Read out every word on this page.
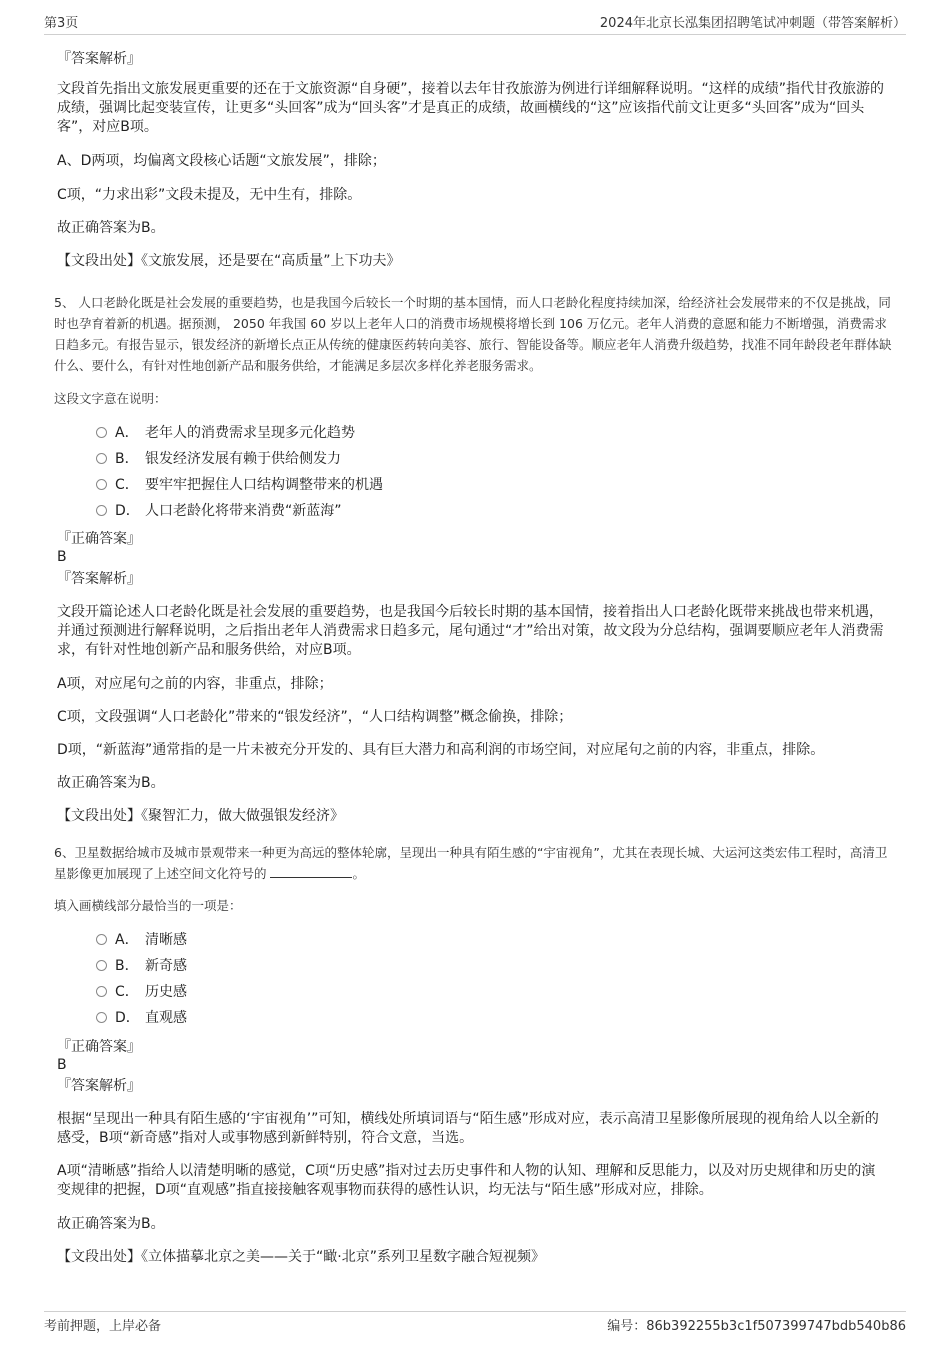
第3页	2024年北京长泓集团招聘笔试冲刺题（带答案解析）
『答案解析』
文段首先指出文旅发展更重要的还在于文旅资源“自身硬”，接着以去年甘孜旅游为例进行详细解释说明。“这样的成绩”指代甘孜旅游的成绩，强调比起变装宣传，让更多“头回客”成为“回头客”才是真正的成绩，故画横线的“这”应该指代前文让更多“头回客”成为“回头客”，对应B项。
A、D两项，均偏离文段核心话题“文旅发展”，排除；
C项，“力求出彩”文段未提及，无中生有，排除。
故正确答案为B。
【文段出处】《文旅发展，还是要在“高质量”上下功夫》
5、 人口老龄化既是社会发展的重要趋势，也是我国今后较长一个时期的基本国情，而人口老龄化程度持续加深，给经济社会发展带来的不仅是挑战，同时也孕育着新的机遇。据预测， 2050 年我国 60 岁以上老年人口的消费市场规模将增长到 106 万亿元。老年人消费的意愿和能力不断增强，消费需求日趋多元。有报告显示，银发经济的新增长点正从传统的健康医药转向美容、旅行、智能设备等。顺应老年人消费升级趋势，找准不同年龄段老年群体缺什么、要什么，有针对性地创新产品和服务供给，才能满足多层次多样化养老服务需求。
这段文字意在说明：
A． 老年人的消费需求呈现多元化趋势
B． 银发经济发展有赖于供给侧发力
C． 要牢牢把握住人口结构调整带来的机遇
D． 人口老龄化将带来消费“新蓝海”
『正确答案』
B
『答案解析』
文段开篇论述人口老龄化既是社会发展的重要趋势，也是我国今后较长时期的基本国情，接着指出人口老龄化既带来挑战也带来机遇，并通过预测进行解释说明，之后指出老年人消费需求日趋多元，尾句通过“才”给出对策，故文段为分总结构，强调要顺应老年人消费需求，有针对性地创新产品和服务供给，对应B项。
A项，对应尾句之前的内容，非重点，排除；
C项，文段强调“人口老龄化”带来的“银发经济”，“人口结构调整”概念偷换，排除；
D项，“新蓝海”通常指的是一片未被充分开发的、具有巨大潜力和高利润的市场空间，对应尾句之前的内容，非重点，排除。
故正确答案为B。
【文段出处】《聚智汇力，做大做强银发经济》
6、卫星数据给城市及城市景观带来一种更为高远的整体轮廓，呈现出一种具有陌生感的“宇宙视角”，尤其在表现长城、大运河这类宏伟工程时，高清卫星影像更加展现了上述空间文化符号的	。
填入画横线部分最恰当的一项是：
A． 清晰感
B． 新奇感
C． 历史感
D． 直观感
『正确答案』
B
『答案解析』
根据“呈现出一种具有陌生感的‘宇宙视角’”可知，横线处所填词语与“陌生感”形成对应，表示高清卫星影像所展现的视角给人以全新的感受，B项“新奇感”指对人或事物感到新鲜特别，符合文意，当选。
A项“清晰感”指给人以清楚明晰的感觉，C项“历史感”指对过去历史事件和人物的认知、理解和反思能力，以及对历史规律和历史的演变规律的把握，D项“直观感”指直接接触客观事物而获得的感性认识，均无法与“陌生感”形成对应，排除。
故正确答案为B。
【文段出处】《立体描摹北京之美——关于“瞰·北京”系列卫星数字融合短视频》
考前押题，上岸必备	编号：86b392255b3c1f507399747bdb540b86
